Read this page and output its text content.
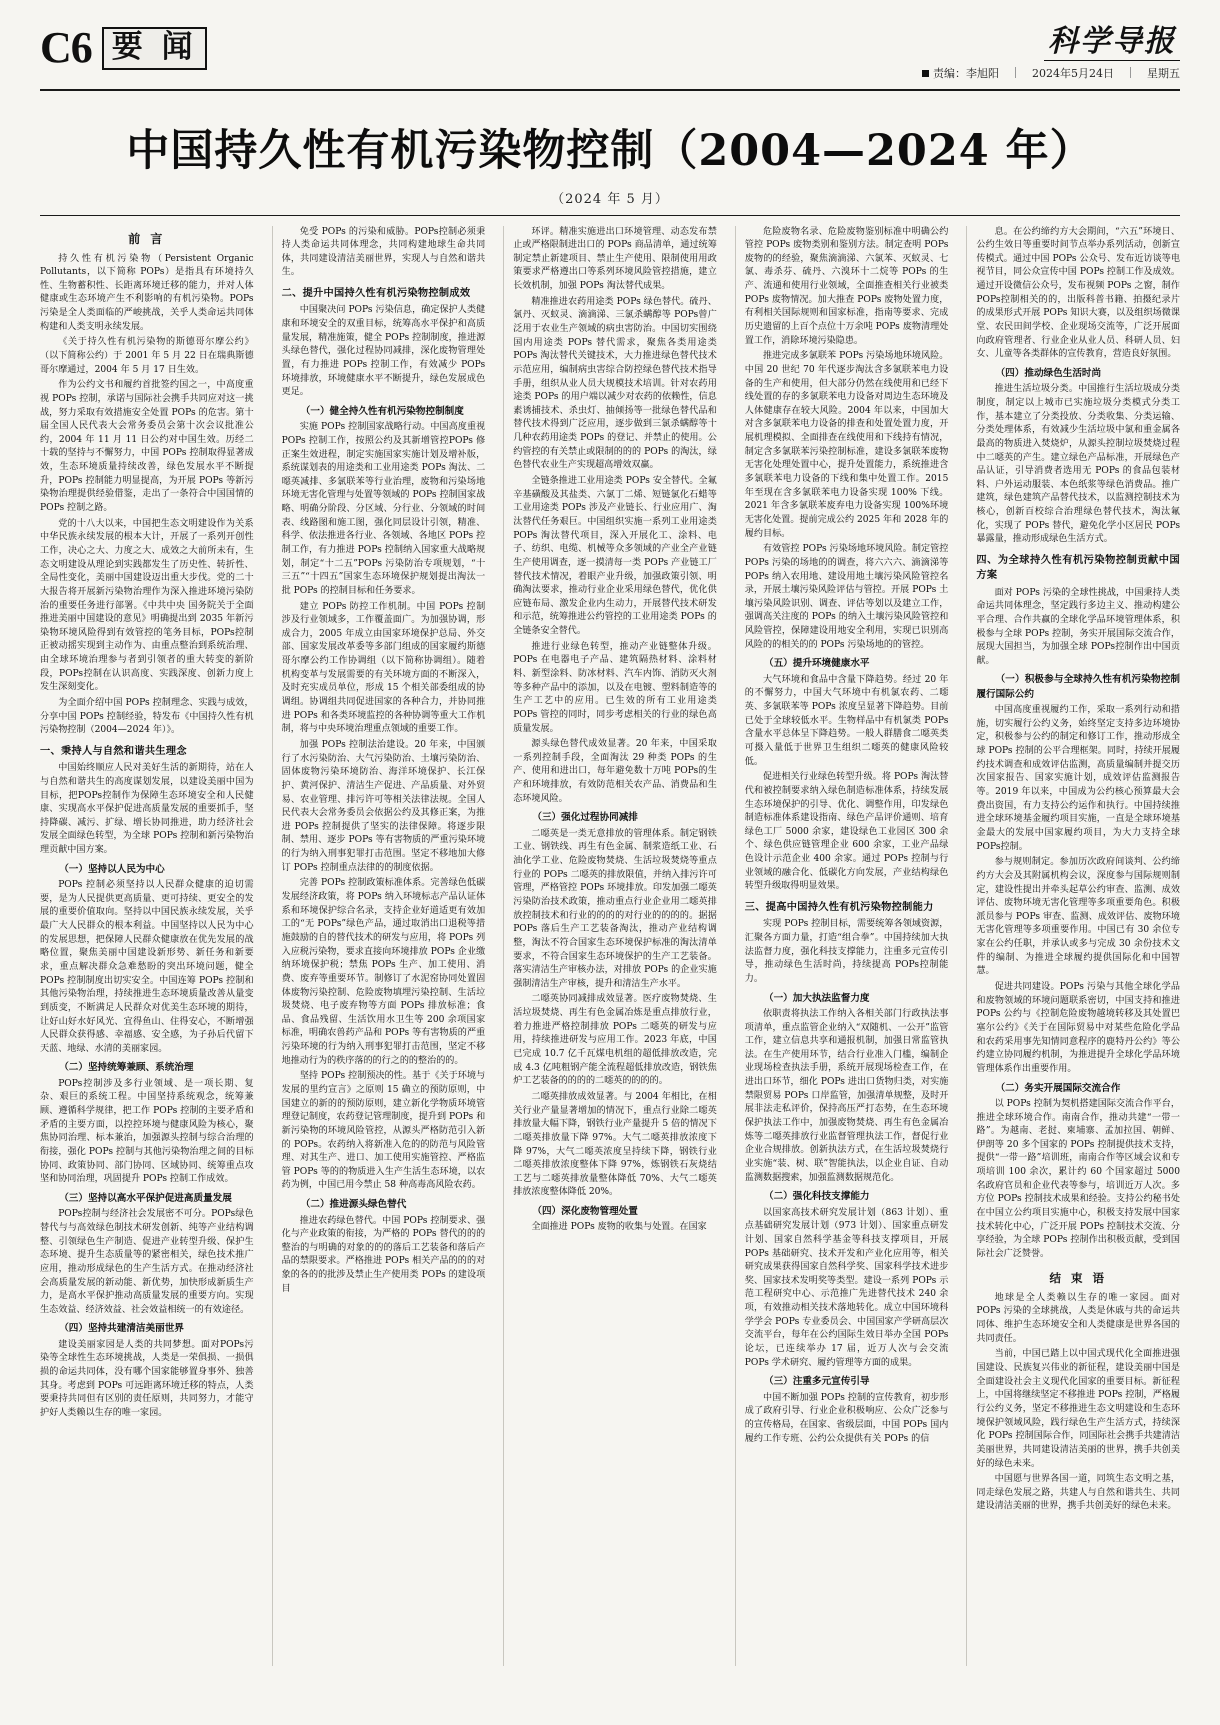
C6 要 闻	科学导报
责编：李旭阳	2024年5月24日	星期五
中国持久性有机污染物控制（2004—2024 年）
（2024 年 5 月）
前 言

持久性有机污染物（Persistent Organic Pollutants，以下简称 POPs）是指具有环境持久性、生物蓄积性、长距离环境迁移的能力，并对人体健康或生态环境产生不利影响的有机污染物。POPs污染是全人类面临的严峻挑战，关乎人类命运共同体构建和人类支明永续发展。

《关于持久性有机污染物的斯德哥尔摩公约》（以下简称公约）于 2001 年 5 月 22 日在瑞典斯德哥尔摩通过，2004 年 5 月 17 日生效。

作为公约文书和履约首批签约国之一，中高度重视 POPs 控制，承诺与国际社会携手共同应对这一挑战，努力采取有效措施安全处置 POPs 的危害。第十届全国人民代表大会常务委员会第十次会议批准公约，2004 年 11 月 11 日公约对中国生效。历经二十载的坚持与不懈努力，中国 POPs 控制取得显著成效，生态环境质量持续改善，绿色发展水平不断提升，POPs 控制能力明显提高，为开展 POPs 等新污染物治理提供经验借鉴，走出了一条符合中国国情的 POPs 控制之路。

党的十八大以来，中国把生态文明建设作为关系中华民族永续发展的根本大计，开展了一系列开创性工作，决心之大、力度之大、成效之大前所未有，生态文明建设从理论到实践都发生了历史性、转折性、全局性变化，美丽中国建设迈出重大步伐。党的二十大报告将开展新污染物治理作为深入推进环境污染防治的重要任务进行部署。《中共中央 国务院关于全面推进美丽中国建设的意见》明确提出到 2035 年新污染物环境风险得到有效管控的笔务目标，POPs控制正被动摇实现到主动作为、由重点整治到系统治理、由全球环境治理参与者到引领者的重大转变的新阶段，POPs控制在认识高度、实践深度、创新力度上发生深刻变化。

为全面介绍中国 POPs 控制理念、实践与成效，分享中国 POPs 控制经验，特发布《中国持久性有机污染物控制（2004—2024 年）》。

一、秉持人与自然和谐共生理念

中国始终顺应人民对美好生活的新期待，站在人与自然和谐共生的高度谋划发展，以建设美丽中国为目标，把POPs控制作为保障生态环境安全和人民健康、实现高水平保护促进高质量发展的重要抓手，坚持降碳、减污、扩绿、增长协同推进，助力经济社会发展全面绿色转型，为全球 POPs 控制和新污染物治理贡献中国方案。

（一）坚持以人民为中心

POPs 控制必须坚持以人民群众健康的迫切需要，是为人民提供更高质量、更可持续、更安全的发展的重要价值取向。坚持以中国民族永续发展，关乎最广大人民群众的根本利益。中国坚持以人民为中心的发展思想，把保障人民群众健康放在优先发展的战略位置，聚焦美丽中国建设新形势、新任务和新要求，重点解决群众急难愁盼的突出环境问题，健全 POPs 控制制度出切实安全。中国连筹 POPs 控制和其他污染物治理，持续推进生态环境质量改善从量变到质变，不断满足人民群众对优美生态环境的期待，让好山好水好风光、宜得鱼山、住得安心，不断增强人民群众获得感、幸福感、安全感，为子孙后代留下天蓝、地绿、水清的美丽家园。

（二）坚持统筹兼顾、系统治理

POPs控制涉及多行业领域、是一项长期、复杂、艰巨的系统工程。中国坚持系统观念，统筹兼顾、遵循科学规律，把工作 POPs 控制的主要矛盾和矛盾的主要方面，以控控环境与健康风险为核心，聚焦协同治理、标本兼治，加强源头控制与综合治理的衔接，强化 POPs 控制与其他污染物治理之间的目标协同、政策协同、部门协同、区域协同、统筹重点攻坚和协同治理，巩固提升 POPs 控制工作成效。

（三）坚持以高水平保护促进高质量发展

POPs控制与经济社会发展密不可分。POPs绿色替代与与高效绿色制技术研发创新、纯等产业结构调整、引领绿色生产制造、促进产业转型升级、保护生态环境、提升生态质量等的紧密相关，绿色技术推广应用，推动形成绿色的生产生活方式。在推动经济社会高质量发展的新动能、新优势，加快形成新质生产力，是高水平保护推动高质量发展的重要方向。实现生态效益、经济效益、社会效益相统一的有效途径。

（四）坚持共建清洁美丽世界

建设美丽家园是人类的共同梦想。面对POPs污染等全球性生态环境挑战，人类是一荣俱损、一损俱损的命运共同体，没有哪个国家能够置身事外、独善其身。考虑到 POPs 可远距离环境迁移的特点，人类要秉持共同但有区别的责任原则，共同努力，才能守护好人类赖以生存的唯一家园。

免受 POPs 的污染和威胁。POPs控制必须秉持人类命运共同体理念，共同构建地球生命共同体，共同建设清洁美丽世界，实现人与自然和谐共生。

二、提升中国持久性有机污染物控制成效

中国聚决问 POPs 污染信息，确定保护人类健康和环境安全的双重目标，统筹高水平保护和高质量发展，精准施策，健全 POPs 控制制度，推进源头绿色替代，强化过程协同减排，深化废物管理处置，有力推进 POPs 控制工作，有效减少 POPs 环境排放，环境健康水平不断提升，绿色发展成色更足。

（一）健全持久性有机污染物控制制度

实施 POPs 控制国家战略行动。中国高度重视 POPs 控制工作，按照公约及其新增管控POPs 修正案生效进程，制定实施国家实施计划及增补版，系统谋划表的用途类和工业用途类 POPs 淘汰、二噁英减排、多氯联苯等行业治理，废物和污染场地环境无害化管理与处置等领域的 POPs 控制国家战略、明确分阶段、分区域、分行业、分领域的时间表、线路图和施工图，强化同层设计引领，精准、科学、依法推进各行业、各领域、各地区 POPs 控制工作，有力推进 POPs 控制纳入国家重大战略规划，制定“十二五”POPs 污染防治专项规划，“十三五”“十四五”国家生态环境保护规划提出淘汰一批 POPs 的控制目标和任务要求。

建立 POPs 防控工作机制。中国 POPs 控制涉及行业领域多，工作覆盖面广。为加强协调，形成合力，2005 年成立由国家环境保护总局、外交部、国家发展改革委等多部门组成的国家履约斯德哥尔摩公约工作协调组（以下简称协调组）。随着机构变革与发展需要的有关环境方面的不断深入，及时充实成员单位，形成 15 个相关部委组成的协调组。协调组共同促进国家的各种合力，并协同推进 POPs 和各类环境监控的各种协调等重大工作机制，将与中央环境治理重点领域的重要工作。

加强 POPs 控制法治建设。20 年来，中国颁行了水污染防治、大气污染防治、土壤污染防治、固体废物污染环境防治、海洋环境保护、长江保护、黄河保护、清洁生产促进、产品质量、对外贸易、农业管理、排污许可等相关法律法规。全国人民代表大会常务委员会依据公约及其修正案，为推进 POPs 控制提供了坚实的法律保障。将逐步限制、禁用、逐步 POPs 等有害物质的严重污染环境的行为纳入刑事犯罪打击范围。坚定不移地加大修订 POPs 控制重点法律的的制度依据。

完善 POPs 控制政策标准体系。完善绿色低碳发展经济政策，将 POPs 纳入环境标志产品认证体系和环境保护综合名录，支持企业好道适更有效加工的“无 POPs”绿色产品，通过取消出口退税等措施鼓励的自的替代技术的研发与应用，将 POPs 列入应税污染物，要求直接向环境排放 POPs 企业缴纳环境保护税；禁焦 POPs 生产、加工使用、消费、废弃等重要环节。制修订了水泥窑协同处置固体废物污染控制、危险废物填埋污染控制、生活垃圾焚烧、电子废弃物等方面 POPs 排放标准；食品、食品残留、生活饮用水卫生等 200 余项国家标准，明确农兽药产品和 POPs 等有害物质的严重污染环境的行为纳入刑事犯罪打击范围，坚定不移地推动行为的秩序落的的行之的的整治的的。

坚持 POPs 控制预决的性。基于《关于环境与发展的里约宣言》之原则 15 确立的预防原则，中国建立的新的的预防原则，建立新化学物质环境管理登记制度，农药登记管理制度，提升到 POPs 和新污染物的环境风险管控，从源头严格防范引入新的 POPs。农药纳入将新准入危的的防范与风险管理、对其生产、进口、加工使用实施管控、严格监管 POPs 等的的物质进入生产生活生态环境，以农药为例，中国已用今禁止 58 种高毒高风险农药。

（二）推进源头绿色替代

推进农药绿色替代。中国 POPs 控制要求、强化与产业政策的衔接，为严格的 POPs 替代的的的整治的与明确的对象的的的落后工艺装备和落后产品的禁限要求。严格推进 POPs 相关产品的的的对象的各的的批涉及禁止生产使用类 POPs 的建设项目

环评。精准实施进出口环境管理、动态发布禁止或严格限制进出口的 POPs 商品清单，通过统筹制定禁止新建项目、禁止生产使用、限制使用用政策要求严格遵出口等系列环境风险管控措施，建立长效机制，加强 POPs 淘汰替代成果。

精准推进农药用途类 POPs 绿色替代。硫丹、氯丹、灭蚁灵、滴滴涕、三氯杀螨醇等 POPs曾广泛用于农业生产领域的病虫害防治。中国切实围绕国内用途类 POPs 替代需求，聚焦各类用途类 POPs 淘汰替代关键技术，大力推进绿色替代技术示范应用，编制病虫害综合防控绿色替代技术指导手册，组织从业人员大规模技术培训。针对农药用途类 POPs 的用户端以减少对农药的依赖性，信息素诱捕技术、杀虫灯、抽倾扬等一批绿色替代品和替代技术得到广泛应用，逐步做到三氯杀螨醇等十几种农药用途类 POPs 的登记、并禁止的使用。公约管控的有关禁止或限制的的的 POPs 的淘汰，绿色替代农业生产实现超高增效双赢。

全链条推进工业用途类 POPs 安全替代。全氟辛基磺酸及其盐类、六氯丁二烯、短链氯化石蜡等工业用途类 POPs 涉及产业链长、行业应用广、淘汰替代任务艰巨。中国组织实施一系列工业用途类 POPs 淘汰替代项目，深入开展化工、涂料、电子、纺织、电缆、机械等众多领域的产业全产业链生产使用调查，逐一摸清每一类 POPs 产业链工厂替代技术情况，着眼产业升级，加强政策引领、明确淘汰要求，推动行业企业采用绿色替代，优化供应链布局、激发企业内生动力，开展替代技术研发和示范，统筹推进公约管控的工业用途类 POPs 的全链条安全替代。

推进行业绿色转型，推动产业链整体升级。POPs 在电器电子产品、建筑隔热材料、涂料材料、新型涂料、防冰材料、汽车内饰、消防灭火剂等多种产品中的添加，以及在电镀、塑料制造等的生产工艺中的应用。已生效的所有工业用途类 POPs 管控的同时，同步考虑相关的行业的绿色高质量发展。

源头绿色替代成效显著。20 年来，中国采取一系列控制手段，全面淘汰 29 种类 POPs 的生产、使用和进出口，每年避免数十万吨 POPs的生产和环境排放，有效防范相关农产品、消费品和生态环境风险。

（三）强化过程协同减排

二噁英是一类无意排放的管理体系。制定钢铁工业、钢铁线、再生有色金属、制浆造纸工业、石油化学工业、危险废物焚烧、生活垃圾焚烧等重点行业的 POPs 二噁英的排放限值，并纳入排污许可管理，严格管控 POPs 环境排放。印发加强二噁英污染防治技术政策，推动重点行业企业用二噁英排放控制技术和行业的的的的对行业的的的的。据据 POPs 落后生产工艺装备淘汰，推动产业结构调整，淘汰不符合国家生态环境保护标准的淘汰清单要求，不符合国家生态环境保护的生产工艺装备。落实清洁生产审核办法，对排放 POPs 的企业实施强制清洁生产审核，提升和清洁生产水平。

二噁英协同减排成效显著。医疗废物焚烧、生活垃圾焚烧、再生有色金属冶炼是重点排放行业，着力推进严格控制排放 POPs 二噁英的研发与应用，持续推进研发与应用工作。2023 年底，中国已完成 10.7 亿千瓦煤电机组的超低排放改造，完成 4.3 亿吨粗钢产能全流程超低排放改造，钢铁焦炉工艺装备的的的的二噁英的的的的。

二噁英排放成效显著。与 2004 年相比，在相关行业产量显著增加的情况下，重点行业除二噁英排放量大幅下降，钢铁行业产量提升 5 倍的情况下二噁英排放量下降 97%。大气二噁英排放浓度下降 97%，大气二噁英浓度呈持续下降，钢铁行业二噁英排放浓度整体下降 97%，炼钢铁石灰烧结工艺与二噁英排放量整体降低 70%、大气二噁英排放浓度整体降低 20%。

（四）深化废物管理处置

全面推进 POPs 废物的收集与处置。在国家

危险废物名录、危险废物鉴别标准中明确公约管控 POPs 废物类别和鉴别方法。制定查明 POPs 废物的的经验，聚焦滴滴涕、六氯苯、灭蚁灵、七氯、毒杀芬、硫丹、六溴环十二烷等 POPs 的生产、流通和使用行业领域，全面推查相关行业被类 POPs 废物情况。加大推查 POPs 废物处置力度，有利相关国际规则和国家标准，指南等要求、完成历史遗留的上百个点位十万余吨 POPs 废物清理处置工作，消除环境污染隐患。

推进完成多氯联苯 POPs 污染场地环境风险。中国 20 世纪 70 年代逐步淘汰含多氯联苯电力设备的生产和使用，但大部分仍然在线使用和已经下线处置的存的多氯联苯电力设备对周边生态环境及人体健康存在较大风险。2004 年以来，中国加大对含多氯联苯电力设备的排查和处置处置力度，开展机理模拟、全面排查在线使用和下线持有情况，制定含多氯联苯污染控制标准，建设多氯联苯废物无害化处理处置中心，提升处置能力，系统推进含多氯联苯电力设备的下线和集中处置工作。2015 年至现在含多氯联苯电力设备实现 100% 下线。2021 年含多氯联苯废弃电力设备实现 100%环境无害化处置。提前完成公约 2025 年和 2028 年的履约目标。

有效管控 POPs 污染场地环境风险。制定管控 POPs 污染的场地的的调查，将六六六、滴滴涕等 POPs 纳入农用地、建设用地土壤污染风险管控名录，开展土壤污染风险评估与管控。开展 POPs 土壤污染风险识别、调查、评估等划以及建立工作，强调高关注度的 POPs 的纳入土壤污染风险管控和风险管控，保障建设用地安全利用，实现已识别高风险的的相关的的 POPs 污染场地的的管控。

（五）提升环境健康水平

大气环境和食品中含量下降趋势。经过 20 年的不懈努力，中国大气环境中有机氯农药、二噁英、多氯联苯等 POPs 浓度呈显著下降趋势。目前已处于全球较低水平。生物样品中有机氯类 POPs 含量水平总体呈下降趋势。一般人群膳食二噁英类可摄入量低于世界卫生组织二噁英的健康风险较低。

促进相关行业绿色转型升级。将 POPs 淘汰替代和被控制要求纳入绿色制造标准体系，持续发展生态环境保护的引导、优化、调整作用，印发绿色制造标准体系建设指南、绿色产品评价通则、培育绿色工厂 5000 余家，建设绿色工业园区 300 余个、绿色供应链管理企业 600 余家，工业产品绿色设计示范企业 400 余家。通过 POPs 控制与行业领域的融合化、低碳化方向发展，产业结构绿色转型升级取得明显效果。

三、提高中国持久性有机污染物控制能力

实现 POPs 控制目标，需要统筹各领域资源，汇聚各方面力量，打造“组合拳”。中国持续加大执法监督力度，强化科技支撑能力，注重多元宣传引导，推动绿色生活时尚，持续提高 POPs控制能力。

（一）加大执法监督力度

依职责将执法工作纳入各相关部门行政执法事项清单，重点监管企业纳入“双随机、一公开”监管工作，建立信息共享和通报机制，加强日常监管执法。在生产使用环节，结合行业准入门槛，编制企业现场检查执法手册，系统开展现场检查工作，在进出口环节，细化 POPs 进出口货物归类，对实施禁限贸易 POPs 口岸监管，加强清单规整，及时开展非法走私评价，保持高压严打态势，在生态环境保护执法工作中，加强废物焚烧、再生有色金属冶炼等二噁英排放行业监督管理执法工作，督促行业企业合规排放。创新执法方式，在生活垃圾焚烧行业实施“装、树、联”智能执法，以企业自证、自动监测数据搜索，加强监测数据规范化。

（二）强化科技支撑能力

以国家高技术研究发展计划（863 计划）、重点基础研究发展计划（973 计划）、国家重点研发计划、国家自然科学基金等科技支撑项目，开展 POPs 基础研究、技术开发和产业化应用等，相关研究成果获得国家自然科学奖、国家科学技术进步奖、国家技术发明奖等类型。建设一系列 POPs 示范工程研究中心、示范推广先进替代技术 240 余项，有效推动相关技术落地转化。成立中国环境科学学会 POPs 专业委员会、中国国家产学研高层次交流平台，每年在公约国际生效日举办全国 POPs 论坛，已连续举办 17 届，近万人次与会交流 POPs 学术研究、履约管理等方面的成果。

（三）注重多元宣传引导

中国不断加强 POPs 控制的宣传教育，初步形成了政府引导、行业企业积极响应、公众广泛参与的宣传格局，在国家、省级层面，中国 POPs 国内履约工作专班、公约公众提供有关 POPs 的信

息。在公约缔约方大会期间，“六五”环境日、公约生效日等重要时间节点举办系列活动，创新宣传模式。通过中国 POPs 公众号、发布近访谈等电视节目，同公众宣传中国 POPs 控制工作及成效。通过开设微信公众号，发布视频 POPs 之窗，制作 POPs控制相关的的，出版科普书籍、拍摄纪录片的成果形式开展 POPs 知识大赛，以及组织场微课堂、农民田间学校、企业现场交流等，广泛开展面向政府管理者、行业企业从业人员、科研人员、妇女、儿童等各类群体的宣传教育，营造良好氛围。

（四）推动绿色生活时尚

推进生活垃圾分类。中国推行生活垃圾成分类制度，制定以上城市已实施垃圾分类模式分类工作，基本建立了分类投放、分类收集、分类运输、分类处理体系，有效减少生活垃圾中氯和重金属各最高的物质进入焚烧炉，从源头控制垃圾焚烧过程中二噁英的产生。建立绿色产品标准，开展绿色产品认证，引导消费者选用无 POPs 的食品包装材料、户外运动服装、本色纸浆等绿色消费品。推广建筑，绿色建筑产品替代技术，以监测控制技术为核心，创新百校综合治理绿色替代技术，淘汰氟化，实现了 POPs 替代，避免化学小区居民 POPs 暴露量，推动形成绿色生活方式。

四、为全球持久性有机污染物控制贡献中国方案

面对 POPs 污染的全球性挑战，中国秉持人类命运共同体理念，坚定践行多边主义、推动构建公平合理、合作共赢的全球化学品环境管理体系，积极参与全球 POPs 控制，务实开展国际交流合作，展现大国担当，为加强全球 POPs控制作出中国贡献。

（一）积极参与全球持久性有机污染物控制履行国际公约

中国高度重视履约工作，采取一系列行动和措施，切实履行公约义务，始终坚定支持多边环境协定，积极参与公约的制定和修订工作，推动形成全球 POPs 控制的公平合理框架。同时，持续开展履约技术调查和成效评估监测，高质量编制并提交历次国家报告、国家实施计划，成效评估监测报告等。2019 年以来，中国成为公约核心预算最大会费出资国，有力支持公约运作和执行。中国持续推进全球环境基金履约项目实施，一直是全球环境基金最大的发展中国家履约项目，为大力支持全球 POPs控制。

参与规则制定。参加历次政府间谈判、公约缔约方大会及其附属机构会议，深度参与国际规则制定，建设性提出并牵头起草公约审查、监测、成效评估、废物环境无害化管理等多项重要角色。积极派员参与 POPs 审查、监测、成效评估、废物环境无害化管理等多项重要作用。中国已有 30 余位专家在公约任职，并承认或多与完成 30 余份技术文件的编制、为推进全球履约提供国际化和中国智慧。

促进共同建设。POPs 污染与其他全球化学品和废物领域的环境问题联系密切，中国支持和推进 POPs 公约与《控制危险废物越境转移及其处置巴塞尔公约》《关于在国际贸易中对某些危险化学品和农药采用事先知情同意程序的鹿特丹公约》等公约建立协同履约机制，为推进提升全球化学品环境管理体系作出重要作用。

（二）务实开展国际交流合作

以 POPs 控制为契机搭建国际交流合作平台，推进全球环境合作。南南合作，推动共建“一带一路”。为越南、老挝、柬埔寨、孟加拉国、朝鲜、伊朗等 20 多个国家的 POPs 控制提供技术支持，提供“一带一路”培训班，南南合作等区域会议和专项培训 100 余次，累计约 60 个国家超过 5000 名政府官员和企业代表等参与，培训近万人次。多方位 POPs 控制技术成果和经验。支持公约秘书处在中国立公约项目实施中心，积极支持发展中国家技术转化中心，广泛开展 POPs 控制技术交流、分享经验，为全球 POPs 控制作出积极贡献，受到国际社会广泛赞誉。

结 束 语

地球是全人类赖以生存的唯一家园。面对 POPs 污染的全球挑战，人类是休戚与共的命运共同体、维护生态环境安全和人类健康是世界各国的共同责任。

当前，中国已踏上以中国式现代化全面推进强国建设、民族复兴伟业的新征程，建设美丽中国是全面建设社会主义现代化国家的重要目标。新征程上，中国将继续坚定不移推进 POPs 控制，严格履行公约义务，坚定不移推进生态文明建设和生态环境保护领域风险，践行绿色生产生活方式，持续深化 POPs 控制国际合作，同国际社会携手共建清洁美丽世界，共同建设清洁美丽的世界，携手共创美好的绿色未来。

中国愿与世界各国一道，同筑生态文明之基，同走绿色发展之路，共建人与自然和谐共生、共同建设清洁美丽的世界，携手共创美好的绿色未来。
